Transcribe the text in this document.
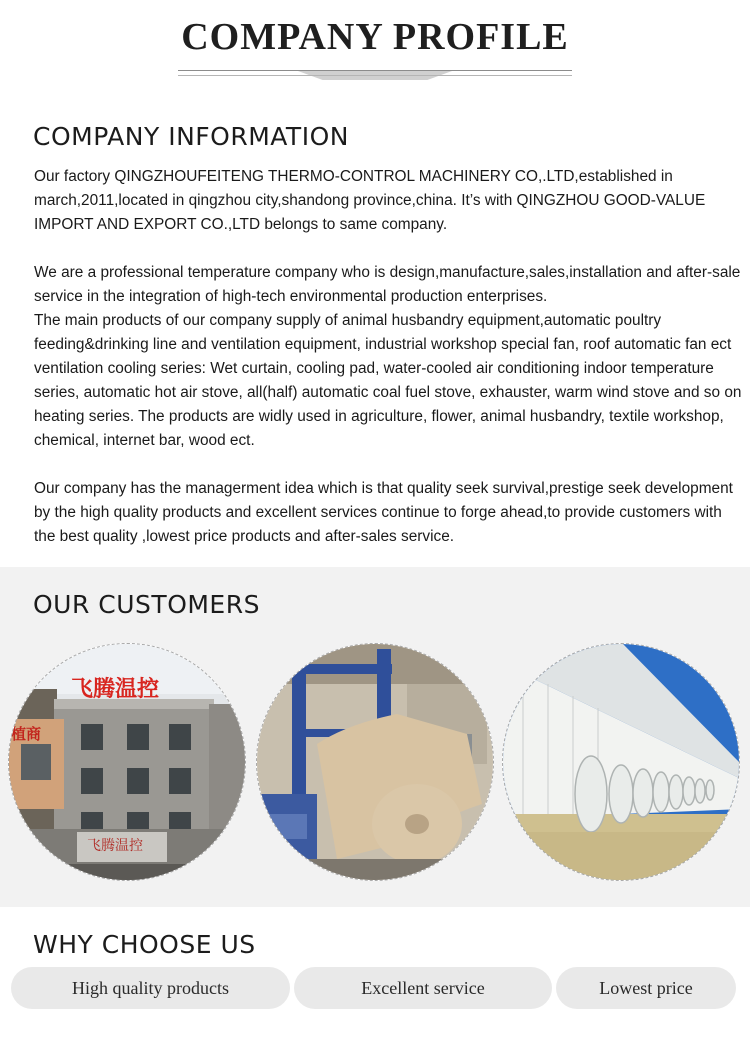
COMPANY PROFILE
COMPANY INFORMATION
Our factory QINGZHOUFEITENG THERMO-CONTROL MACHINERY CO,.LTD,established in march,2011,located in qingzhou city,shandong province,china. It’s with QINGZHOU GOOD-VALUE IMPORT AND EXPORT CO.,LTD belongs to same company.
We are a professional temperature company who is design,manufacture,sales,installation and after-sale service in the integration of high-tech environmental production enterprises.
The main products of our company supply of animal husbandry equipment,automatic poultry feeding&drinking line and ventilation equipment, industrial workshop special fan, roof automatic fan ect ventilation cooling series: Wet curtain, cooling pad, water-cooled air conditioning indoor temperature series, automatic hot air stove, all(half) automatic coal fuel stove, exhauster, warm wind stove and so on heating series. The products are widly used in agriculture, flower, animal husbandry, textile workshop, chemical, internet bar, wood ect.
Our company has the managerment idea which is that quality seek survival,prestige seek development by the high quality products and excellent services continue to forge ahead,to provide customers with the best quality ,lowest price products and after-sales service.
OUR CUSTOMERS
飞腾温控
植商
飞腾温控
WHY CHOOSE US
High quality products	Excellent service	Lowest price
